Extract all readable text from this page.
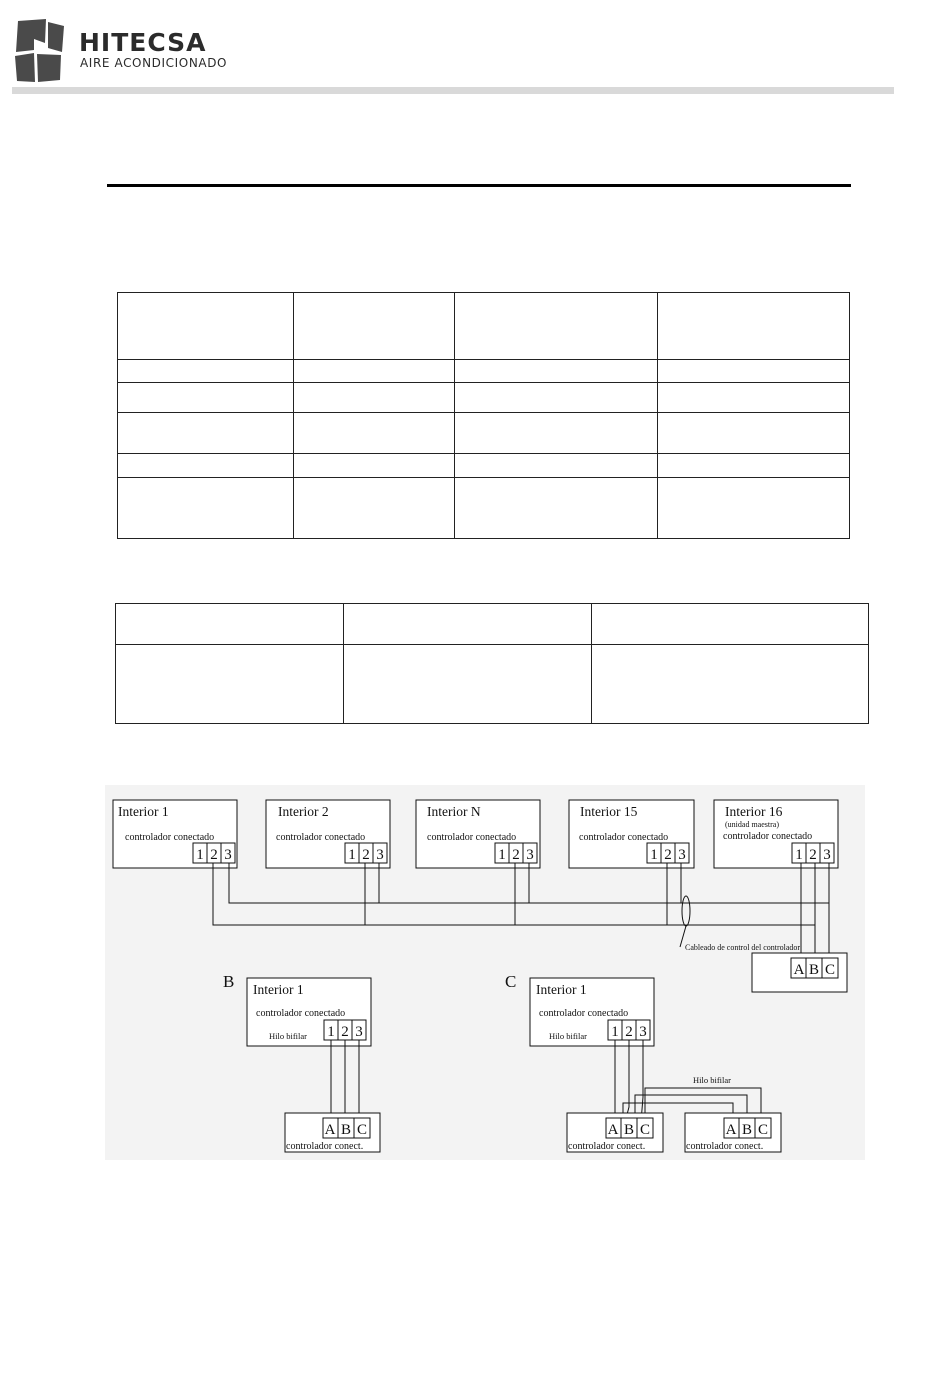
HITECSA
AIRE ACONDICIONADO

Interior 1
controlador conectado
Interior 2
controlador conectado
Interior N
controlador conectado
Interior 15
controlador conectado
Interior 16
(unidad maestra)
controlador conectado
1 2 3	1 2 3	1 2 3	1 2 3	1 2 3
A B C
1 2 3
A B C
1 2 3
A B C	A B C
Cableado de control del controlador
B Interior 1
controlador conectado
Hilo bifilar
controlador conect.
C Interior 1
controlador conectado
Hilo bifilar
Hilo bifilar
controlador conect.	controlador conect.
